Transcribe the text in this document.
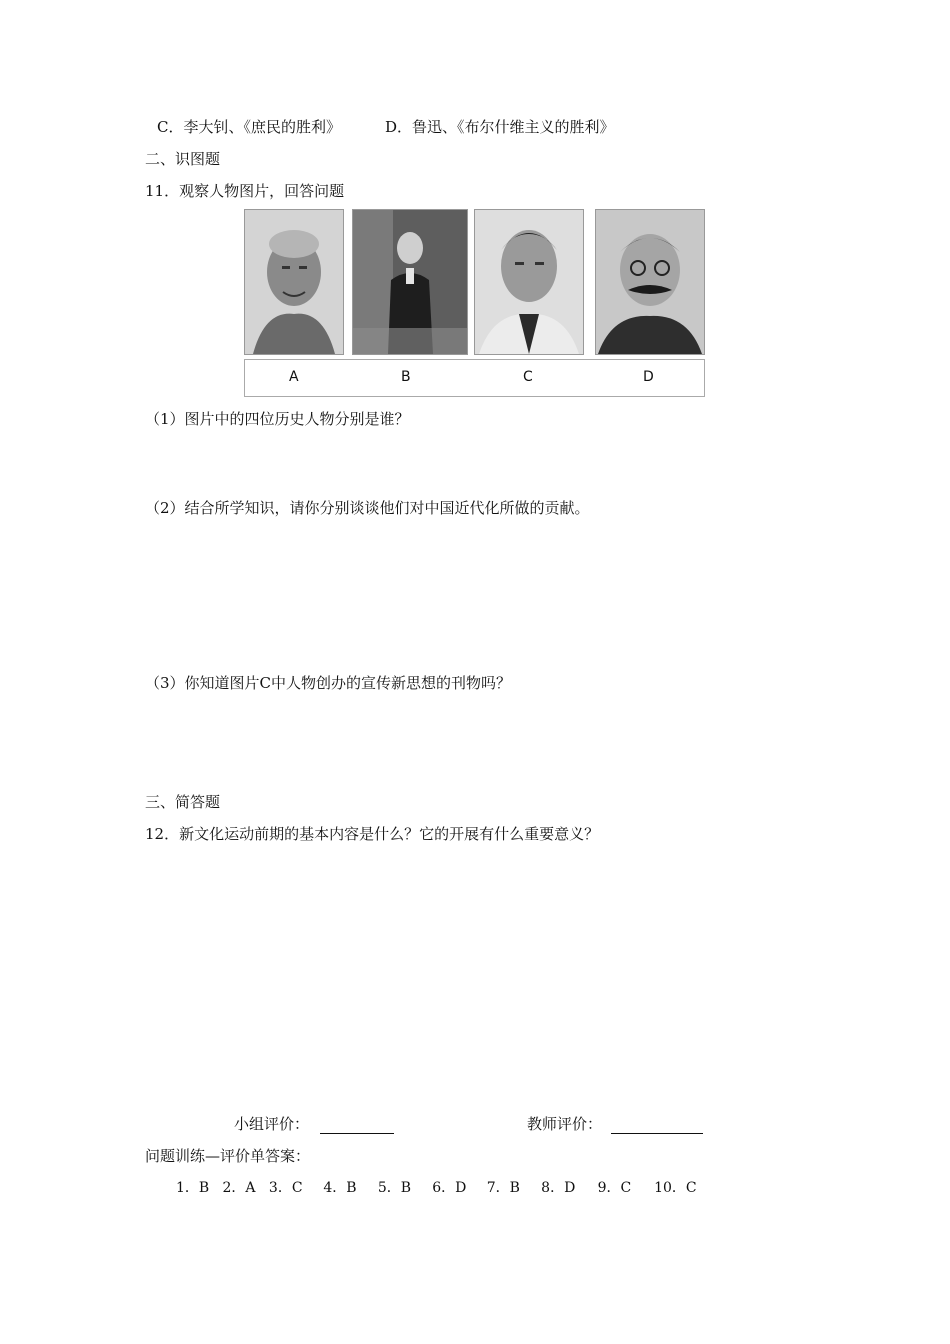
C．李大钊、《庶民的胜利》	D．鲁迅、《布尔什维主义的胜利》
二、识图题
11．观察人物图片，回答问题
A	B	C	D
（1）图片中的四位历史人物分别是谁？
（2）结合所学知识，请你分别谈谈他们对中国近代化所做的贡献。
（3）你知道图片C中人物创办的宣传新思想的刊物吗？
三、简答题
12．新文化运动前期的基本内容是什么？它的开展有什么重要意义？
小组评价：	教师评价：
问题训练—评价单答案：
1．B 2．A 3．C 4．B 5．B 6．D 7．B 8．D 9．C 10．C
